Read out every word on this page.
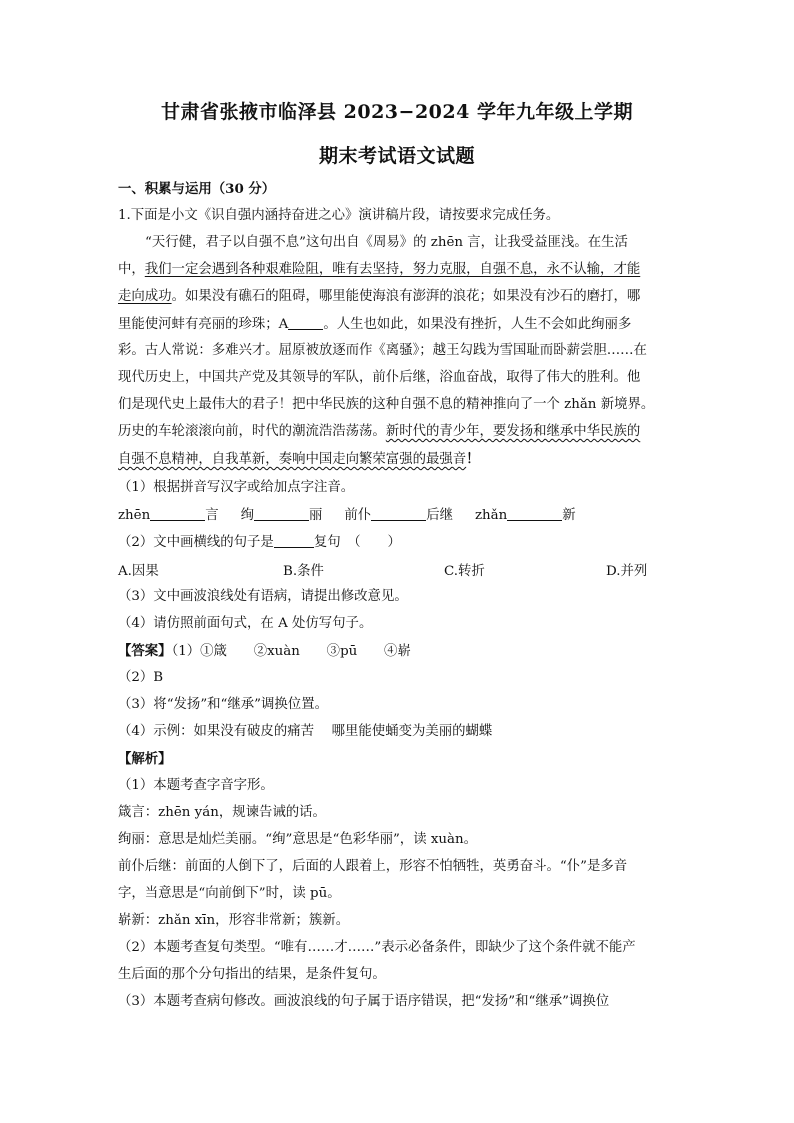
甘肃省张掖市临泽县 2023−2024 学年九年级上学期
期末考试语文试题
一、积累与运用（30 分）
1.下面是小文《识自强内涵持奋进之心》演讲稿片段，请按要求完成任务。
“天行健，君子以自强不息”这句出自《周易》的 zhēn 言，让我受益匪浅。在生活
中，我们一定会遇到各种艰难险阻，唯有去坚持，努力克服，自强不息，永不认输，才能
走向成功。如果没有礁石的阻碍，哪里能使海浪有澎湃的浪花；如果没有沙石的磨打，哪
里能使河蚌有亮丽的珍珠；A	。人生也如此，如果没有挫折，人生不会如此绚丽多
彩。古人常说：多难兴才。屈原被放逐而作《离骚》；越王勾践为雪国耻而卧薪尝胆……在
现代历史上，中国共产党及其领导的军队，前仆后继，浴血奋战，取得了伟大的胜利。他
们是现代史上最伟大的君子！把中华民族的这种自强不息的精神推向了一个 zhǎn 新境界。
历史的车轮滚滚向前，时代的潮流浩浩荡荡。新时代的青少年，要发扬和继承中华民族的
自强不息精神，自我革新，奏响中国走向繁荣富强的最强音！
（1）根据拼音写汉字或给加点字注音。
zhēn	言 绚	丽 前仆	后继 zhǎn	新
（2）文中画横线的句子是	复句　（　　）
A.因果	B.条件	C.转折	D.并列
（3）文中画波浪线处有语病，请提出修改意见。
（4）请仿照前面句式，在 A 处仿写句子。
【答案】（1）①箴　　②xuàn　　③pū　　④崭
（2）B
（3）将“发扬”和“继承”调换位置。
（4）示例：如果没有破皮的痛苦　 哪里能使蛹变为美丽的蝴蝶
【解析】
（1）本题考查字音字形。
箴言：zhēn yán，规谏告诫的话。
绚丽：意思是灿烂美丽。“绚”意思是“色彩华丽”，读 xuàn。
前仆后继：前面的人倒下了，后面的人跟着上，形容不怕牺牲，英勇奋斗。“仆”是多音
字，当意思是“向前倒下”时，读 pū。
崭新：zhǎn xīn，形容非常新；簇新。
（2）本题考查复句类型。“唯有……才……”表示必备条件，即缺少了这个条件就不能产
生后面的那个分句指出的结果，是条件复句。
（3）本题考查病句修改。画波浪线的句子属于语序错误，把“发扬”和“继承”调换位
